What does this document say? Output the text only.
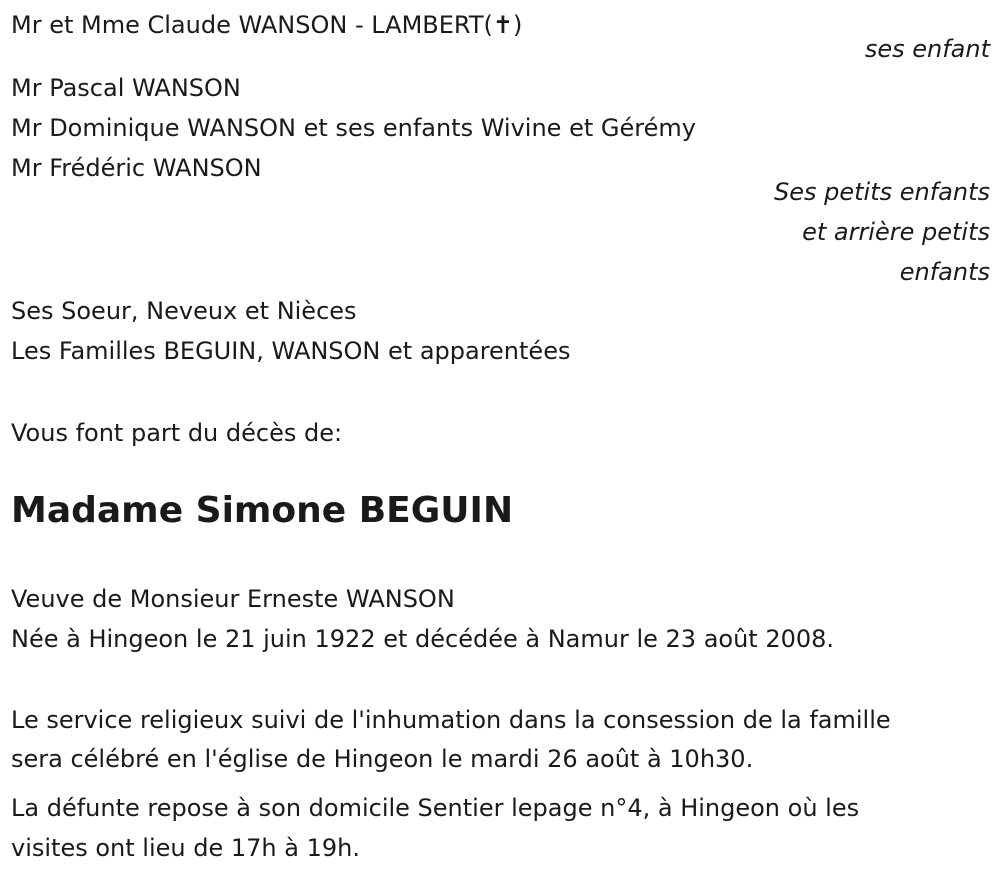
Mr et Mme Claude WANSON - LAMBERT(✝)
ses enfant
Mr Pascal WANSON
Mr Dominique WANSON et ses enfants Wivine et Gérémy
Mr Frédéric WANSON
Ses petits enfants
et arrière petits
enfants
Ses Soeur, Neveux et Nièces
Les Familles BEGUIN, WANSON et apparentées
Vous font part du décès de:
Madame Simone BEGUIN
Veuve de Monsieur Erneste WANSON
Née à Hingeon le 21 juin 1922 et décédée à Namur le 23 août 2008.
Le service religieux suivi de l'inhumation dans la consession de la famille
sera célébré en l'église de Hingeon le mardi 26 août à 10h30.
La défunte repose à son domicile Sentier lepage n°4, à Hingeon où les
visites ont lieu de 17h à 19h.
